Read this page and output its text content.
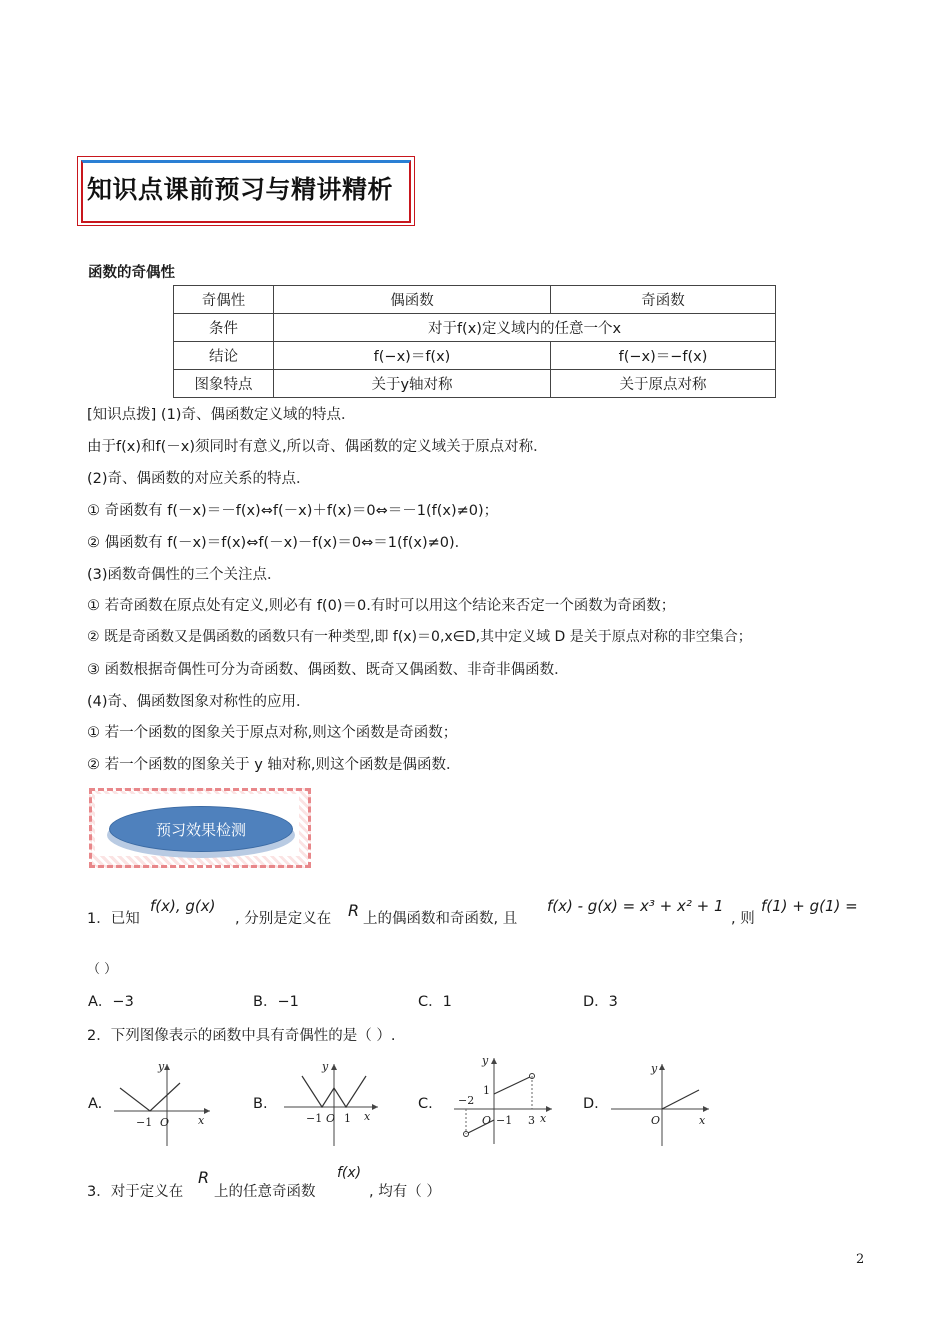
知识点课前预习与精讲精析
函数的奇偶性
奇偶性	偶函数	奇函数
条件	对于f(x)定义域内的任意一个x	
结论	f(−x)＝f(x)	f(−x)＝−f(x)
图象特点	关于y轴对称	关于原点对称
[知识点拨] (1)奇、偶函数定义域的特点．
由于f(x)和f(－x)须同时有意义,所以奇、偶函数的定义域关于原点对称．
(2)奇、偶函数的对应关系的特点．
① 奇函数有 f(－x)＝－f(x)⇔f(－x)＋f(x)＝0⇔＝－1(f(x)≠0)；
② 偶函数有 f(－x)＝f(x)⇔f(－x)－f(x)＝0⇔＝1(f(x)≠0)．
(3)函数奇偶性的三个关注点．
① 若奇函数在原点处有定义,则必有 f(0)＝0.有时可以用这个结论来否定一个函数为奇函数；
② 既是奇函数又是偶函数的函数只有一种类型,即 f(x)＝0,x∈D,其中定义域 D 是关于原点对称的非空集合；
③ 函数根据奇偶性可分为奇函数、偶函数、既奇又偶函数、非奇非偶函数．
(4)奇、偶函数图象对称性的应用．
① 若一个函数的图象关于原点对称,则这个函数是奇函数；
② 若一个函数的图象关于 y 轴对称,则这个函数是偶函数．
预习效果检测
1．已知
f(x), g(x)
, 分别是定义在 R 上的偶函数和奇函数, 且
f(x) - g(x) = x³ + x² + 1
, 则
f(1) + g(1) =
（ ）
A．−3	B．−1	C．1	D．3
2．下列图像表示的函数中具有奇偶性的是（ ）.
A.	B.	C.	D.
y
−1 O	x
y
−1 O 1 x
y
−2
1
O −1 3 x
y
O	x
3．对于定义在
R
上的任意奇函数
f(x)
, 均有（ ）
2
